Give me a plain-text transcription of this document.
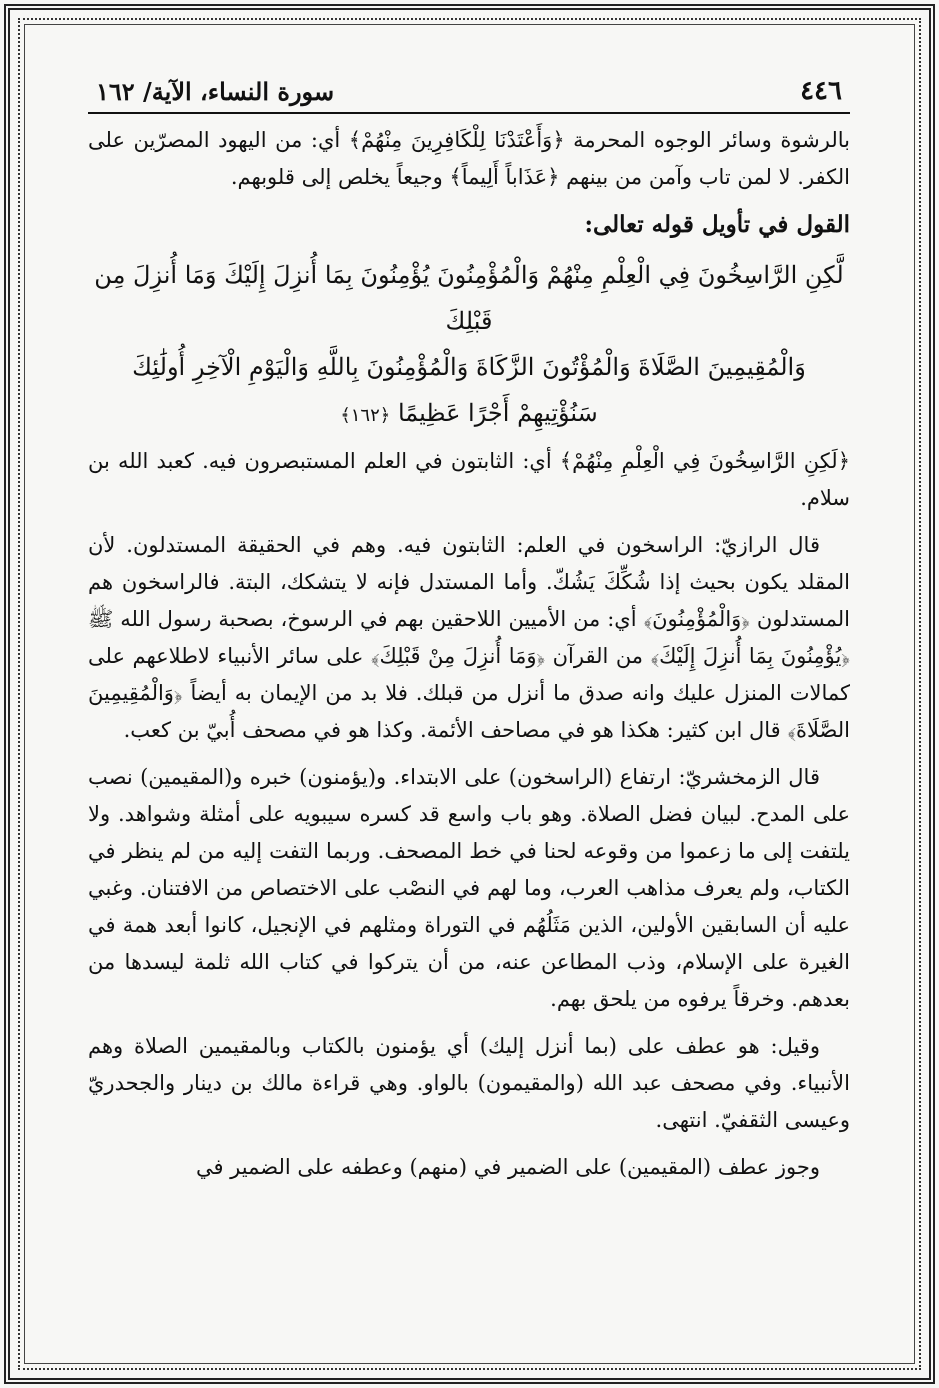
٤٤٦
سورة النساء، الآية/ ١٦٢

بالرشوة وسائر الوجوه المحرمة ﴿وَأَعْتَدْنَا لِلْكَافِرِينَ مِنْهُمْ﴾ أي: من اليهود المصرّين على الكفر. لا لمن تاب وآمن من بينهم ﴿عَذَاباً أَلِيماً﴾ وجيعاً يخلص إلى قلوبهم.

القول في تأويل قوله تعالى:
لَّكِنِ الرَّاسِخُونَ فِي الْعِلْمِ مِنْهُمْ وَالْمُؤْمِنُونَ يُؤْمِنُونَ بِمَا أُنزِلَ إِلَيْكَ وَمَا أُنزِلَ مِن قَبْلِكَ
وَالْمُقِيمِينَ الصَّلَاةَ وَالْمُؤْتُونَ الزَّكَاةَ وَالْمُؤْمِنُونَ بِاللَّهِ وَالْيَوْمِ الْآخِرِ أُولَٰئِكَ
سَنُؤْتِيهِمْ أَجْرًا عَظِيمًا ﴿١٦٢﴾

﴿لَكِنِ الرَّاسِخُونَ فِي الْعِلْمِ مِنْهُمْ﴾ أي: الثابتون في العلم المستبصرون فيه. كعبد الله بن سلام.

قال الرازيّ: الراسخون في العلم: الثابتون فيه. وهم في الحقيقة المستدلون. لأن المقلد يكون بحيث إذا شُكِّكَ يَشُكّ. وأما المستدل فإنه لا يتشكك، البتة. فالراسخون هم المستدلون ﴿وَالْمُؤْمِنُونَ﴾ أي: من الأميين اللاحقين بهم في الرسوخ، بصحبة رسول الله ﷺ ﴿يُؤْمِنُونَ بِمَا أُنزِلَ إِلَيْكَ﴾ من القرآن ﴿وَمَا أُنزِلَ مِنْ قَبْلِكَ﴾ على سائر الأنبياء لاطلاعهم على كمالات المنزل عليك وانه صدق ما أنزل من قبلك. فلا بد من الإيمان به أيضاً ﴿وَالْمُقِيمِينَ الصَّلَاةَ﴾ قال ابن كثير: هكذا هو في مصاحف الأئمة. وكذا هو في مصحف أُبيّ بن كعب.

قال الزمخشريّ: ارتفاع (الراسخون) على الابتداء. و(يؤمنون) خبره و(المقيمين) نصب على المدح. لبيان فضل الصلاة. وهو باب واسع قد كسره سيبويه على أمثلة وشواهد. ولا يلتفت إلى ما زعموا من وقوعه لحنا في خط المصحف. وربما التفت إليه من لم ينظر في الكتاب، ولم يعرف مذاهب العرب، وما لهم في النصْب على الاختصاص من الافتنان. وغبي عليه أن السابقين الأولين، الذين مَثَلُهُم في التوراة ومثلهم في الإنجيل، كانوا أبعد همة في الغيرة على الإسلام، وذب المطاعن عنه، من أن يتركوا في كتاب الله ثلمة ليسدها من بعدهم. وخرقاً يرفوه من يلحق بهم.

وقيل: هو عطف على (بما أنزل إليك) أي يؤمنون بالكتاب وبالمقيمين الصلاة وهم الأنبياء. وفي مصحف عبد الله (والمقيمون) بالواو. وهي قراءة مالك بن دينار والجحدريّ وعيسى الثقفيّ. انتهى.

وجوز عطف (المقيمين) على الضمير في (منهم) وعطفه على الضمير في
